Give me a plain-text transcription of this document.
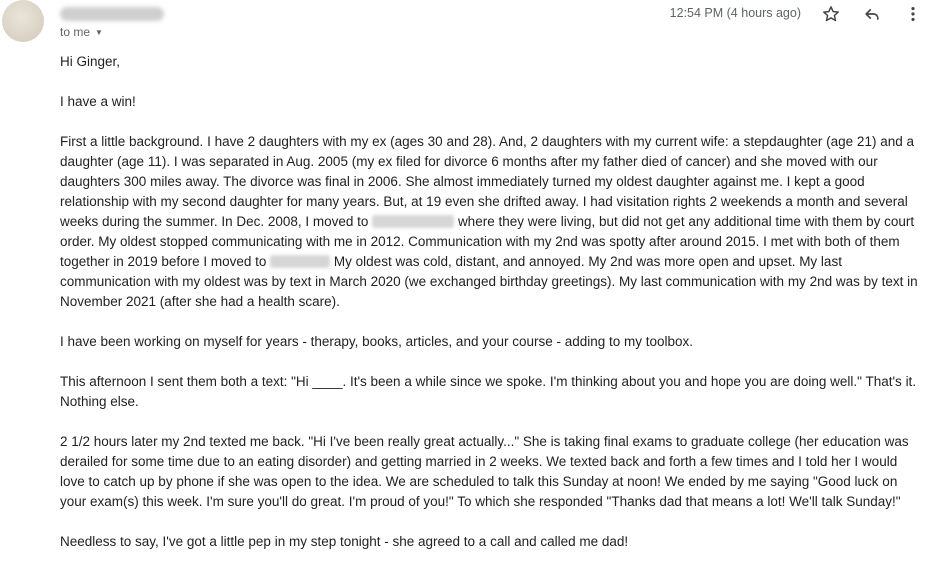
to me ▼
12:54 PM (4 hours ago)

Hi Ginger,

I have a win!

First a little background. I have 2 daughters with my ex (ages 30 and 28). And, 2 daughters with my current wife: a stepdaughter (age 21) and a daughter (age 11). I was separated in Aug. 2005 (my ex filed for divorce 6 months after my father died of cancer) and she moved with our daughters 300 miles away. The divorce was final in 2006. She almost immediately turned my oldest daughter against me. I kept a good relationship with my second daughter for many years. But, at 19 even she drifted away. I had visitation rights 2 weekends a month and several weeks during the summer. In Dec. 2008, I moved to	where they were living, but did not get any additional time with them by court order. My oldest stopped communicating with me in 2012. Communication with my 2nd was spotty after around 2015. I met with both of them together in 2019 before I moved to	My oldest was cold, distant, and annoyed. My 2nd was more open and upset. My last communication with my oldest was by text in March 2020 (we exchanged birthday greetings). My last communication with my 2nd was by text in November 2021 (after she had a health scare).

I have been working on myself for years - therapy, books, articles, and your course - adding to my toolbox.

This afternoon I sent them both a text: "Hi ____. It's been a while since we spoke. I'm thinking about you and hope you are doing well." That's it. Nothing else.

2 1/2 hours later my 2nd texted me back. "Hi I've been really great actually..." She is taking final exams to graduate college (her education was derailed for some time due to an eating disorder) and getting married in 2 weeks. We texted back and forth a few times and I told her I would love to catch up by phone if she was open to the idea. We are scheduled to talk this Sunday at noon! We ended by me saying "Good luck on your exam(s) this week. I'm sure you'll do great. I'm proud of you!" To which she responded "Thanks dad that means a lot! We'll talk Sunday!"

Needless to say, I've got a little pep in my step tonight - she agreed to a call and called me dad!
